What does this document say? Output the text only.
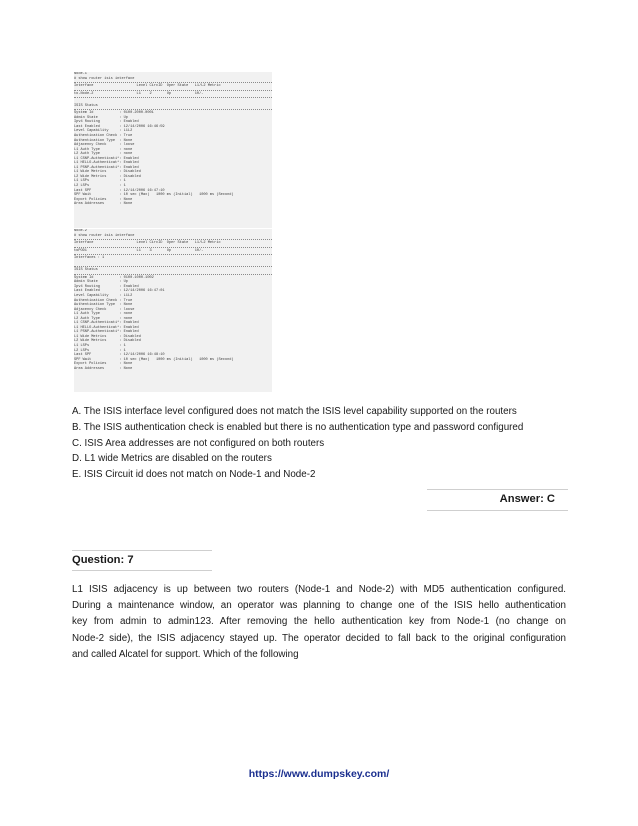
Node-1
# show router isis interface
Interface                    Level CircID  Oper State   L1/L2 Metric
to-Node-2                    L1    2       Up           10/-
ISIS Status
System Id            : 0100.2000.0001
Admin State          : Up
Ipv4 Routing         : Enabled
Last Enabled         : 12/14/2006 16:46:59
Level Capability     : L1L2
Authentication Check : True
Authentication Type  : None
Adjacency Check      : loose
L1 Auth Type         : none
L2 Auth Type         : none
L1 CSNP-Authenticati*: Enabled
L1 HELLO-Authenticat*: Enabled
L1 PSNP-Authenticati*: Enabled
L1 Wide Metrics      : Disabled
L2 Wide Metrics      : Disabled
L1 LSPs              : 1
L2 LSPs              : 1
Last SPF             : 12/14/2006 16:47:10
SPF Wait             : 10 sec (Max)   1000 ms (Initial)   1000 ms (Second)
Export Policies      : None
Area Addresses       : None
Node-2
# show router isis interface
Interface                    Level CircID  Oper State   L1/L2 Metric
toPOD1                       L1    3       Up           10/-
Interfaces : 1
ISIS Status
System Id            : 0100.1000.1002
Admin State          : Up
Ipv4 Routing         : Enabled
Last Enabled         : 12/14/2006 16:47:01
Level Capability     : L1L2
Authentication Check : True
Authentication Type  : None
Adjacency Check      : loose
L1 Auth Type         : none
L2 Auth Type         : none
L1 CSNP-Authenticati*: Enabled
L1 HELLO-Authenticat*: Enabled
L1 PSNP-Authenticati*: Enabled
L1 Wide Metrics      : Disabled
L2 Wide Metrics      : Disabled
L1 LSPs              : 1
L2 LSPs              : 1
Last SPF             : 12/14/2006 16:48:10
SPF Wait             : 10 sec (Max)   1000 ms (Initial)   1000 ms (Second)
Export Policies      : None
Area Addresses       : None
A. The ISIS interface level configured does not match the ISIS level capability supported on the routers
B. The ISIS authentication check is enabled but there is no authentication type and password configured
C. ISIS Area addresses are not configured on both routers
D. L1 wide Metrics are disabled on the routers
E. ISIS Circuit id does not match on Node-1 and Node-2
Answer: C
Question: 7
L1 ISIS adjacency is up between two routers (Node-1 and Node-2) with MD5 authentication configured.
During a maintenance window, an operator was planning to change one of the ISIS hello authentication
key from admin to admin123. After removing the hello authentication key from Node-1 (no change on
Node-2 side), the ISIS adjacency stayed up. The operator decided to fall back to the original configuration
and called Alcatel for support. Which of the following
https://www.dumpskey.com/
